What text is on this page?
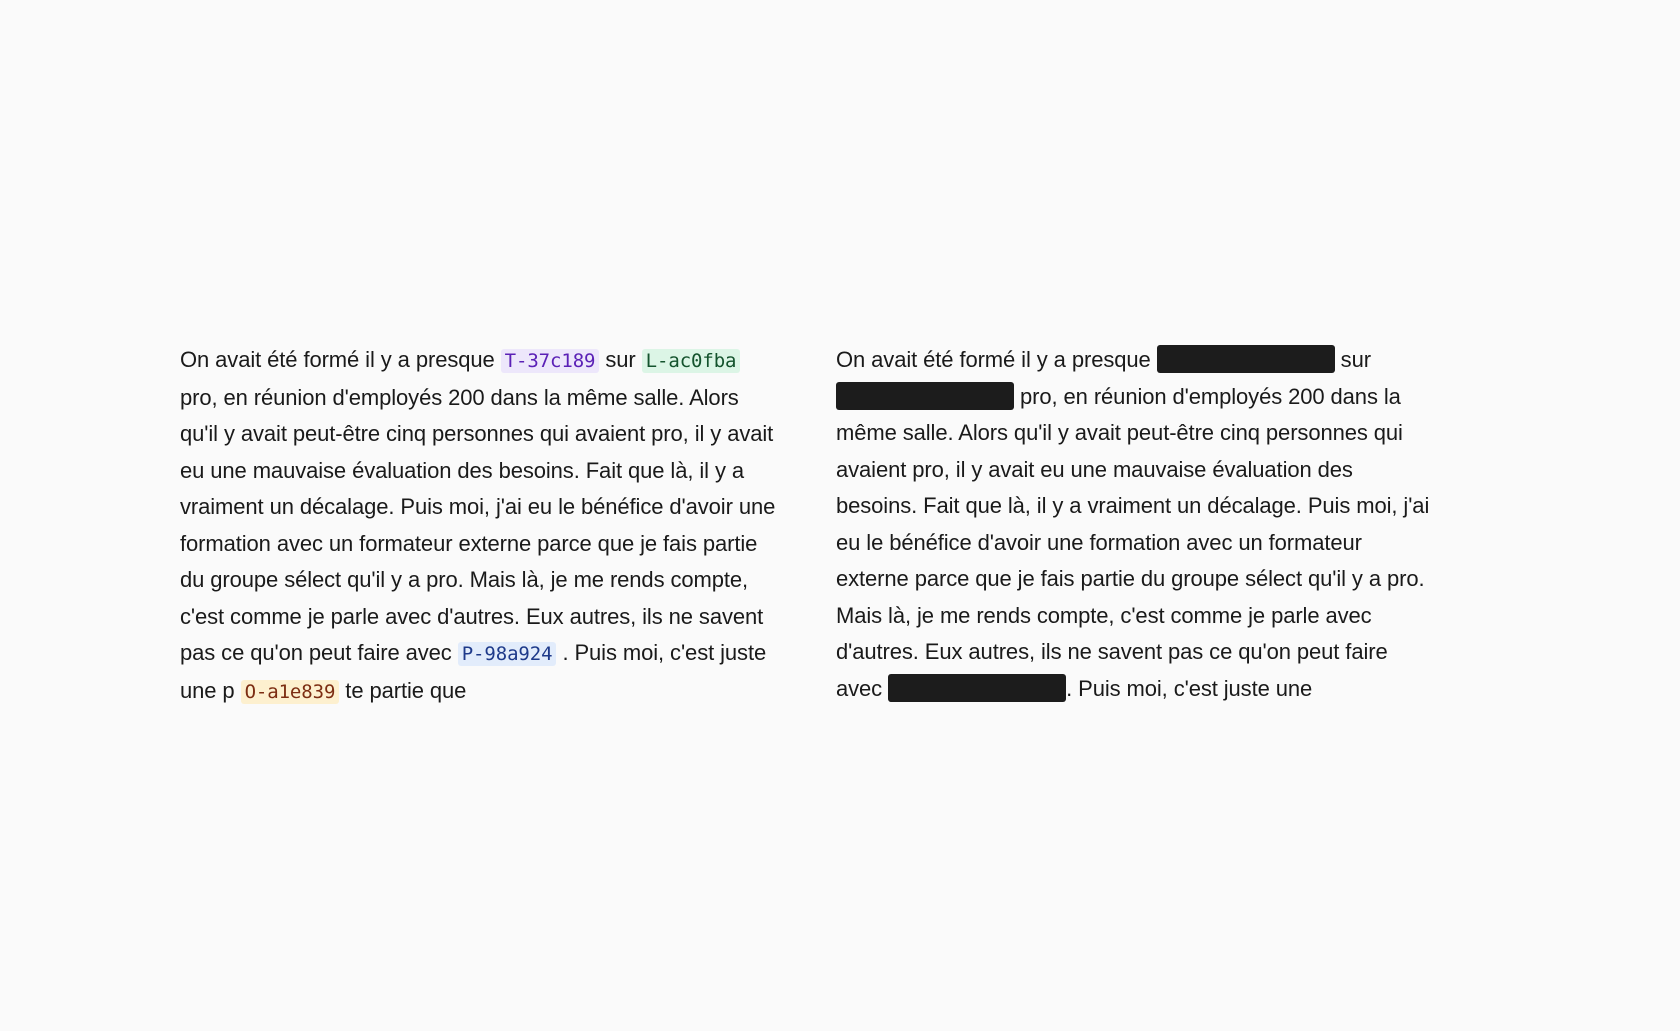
On avait été formé il y a presque T-37c189 sur L-ac0fba pro, en réunion d'employés 200 dans la même salle. Alors qu'il y avait peut-être cinq personnes qui avaient pro, il y avait eu une mauvaise évaluation des besoins. Fait que là, il y a vraiment un décalage. Puis moi, j'ai eu le bénéfice d'avoir une formation avec un formateur externe parce que je fais partie du groupe sélect qu'il y a pro. Mais là, je me rends compte, c'est comme je parle avec d'autres. Eux autres, ils ne savent pas ce qu'on peut faire avec P-98a924 . Puis moi, c'est juste une p O-a1e839 te partie que
On avait été formé il y a presque	sur  pro, en réunion d'employés 200 dans la même salle. Alors qu'il y avait peut-être cinq personnes qui avaient pro, il y avait eu une mauvaise évaluation des besoins. Fait que là, il y a vraiment un décalage. Puis moi, j'ai eu le bénéfice d'avoir une formation avec un formateur externe parce que je fais partie du groupe sélect qu'il y a pro. Mais là, je me rends compte, c'est comme je parle avec d'autres. Eux autres, ils ne savent pas ce qu'on peut faire avec	. Puis moi, c'est juste une
